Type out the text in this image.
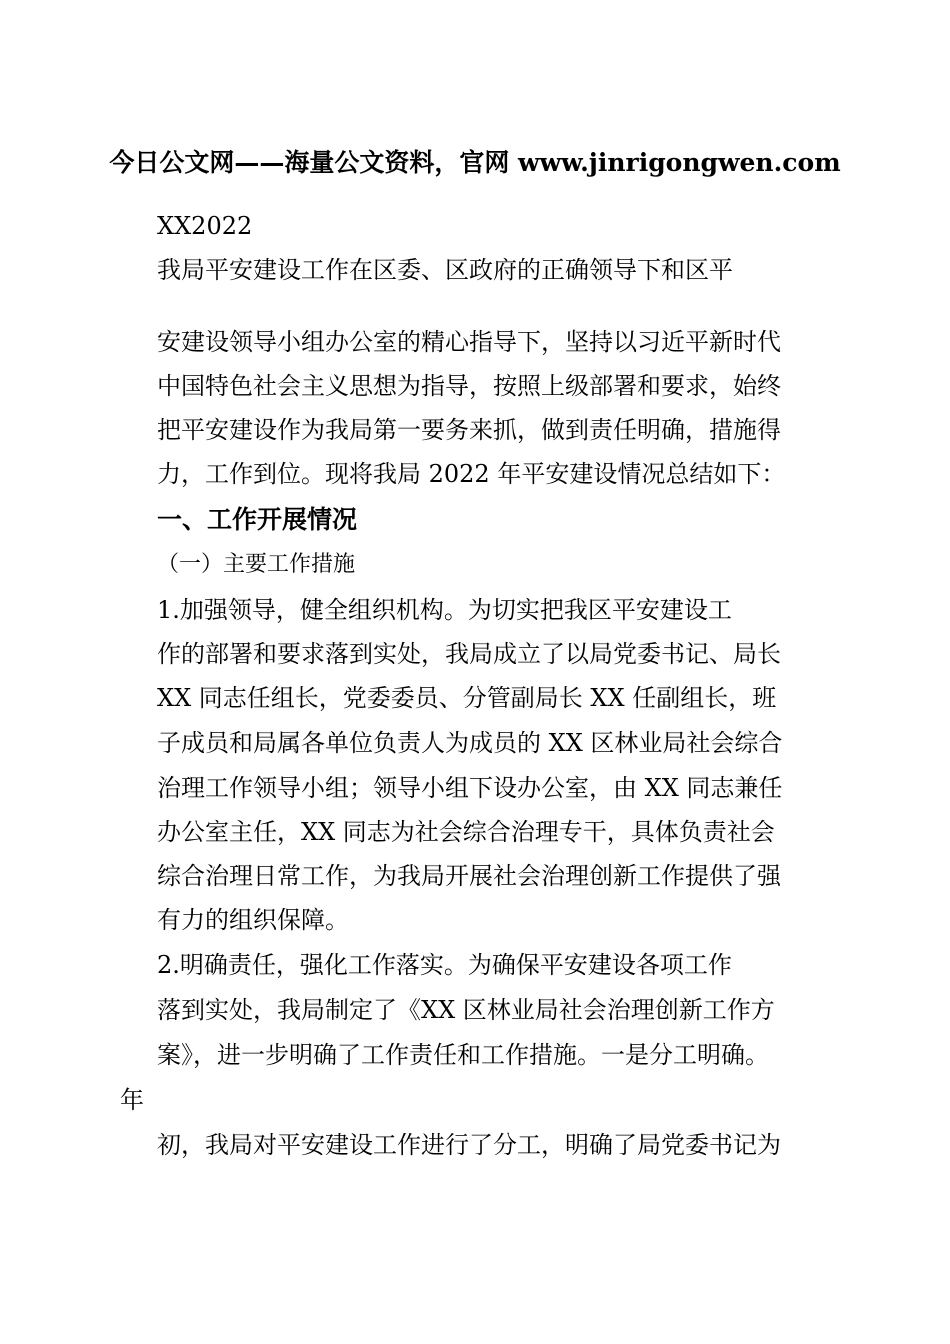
今日公文网——海量公文资料，官网 www.jinrigongwen.com
XX2022
我局平安建设工作在区委、区政府的正确领导下和区平
安建设领导小组办公室的精心指导下，坚持以习近平新时代
中国特色社会主义思想为指导，按照上级部署和要求，始终
把平安建设作为我局第一要务来抓，做到责任明确，措施得
力，工作到位。现将我局 2022 年平安建设情况总结如下：
一、工作开展情况
（一）主要工作措施
1.加强领导，健全组织机构。为切实把我区平安建设工
作的部署和要求落到实处，我局成立了以局党委书记、局长
XX 同志任组长，党委委员、分管副局长 XX 任副组长，班
子成员和局属各单位负责人为成员的 XX 区林业局社会综合
治理工作领导小组；领导小组下设办公室，由 XX 同志兼任
办公室主任，XX 同志为社会综合治理专干，具体负责社会
综合治理日常工作，为我局开展社会治理创新工作提供了强
有力的组织保障。
2.明确责任，强化工作落实。为确保平安建设各项工作
落到实处，我局制定了《XX 区林业局社会治理创新工作方
案》，进一步明确了工作责任和工作措施。一是分工明确。
年
初，我局对平安建设工作进行了分工，明确了局党委书记为
